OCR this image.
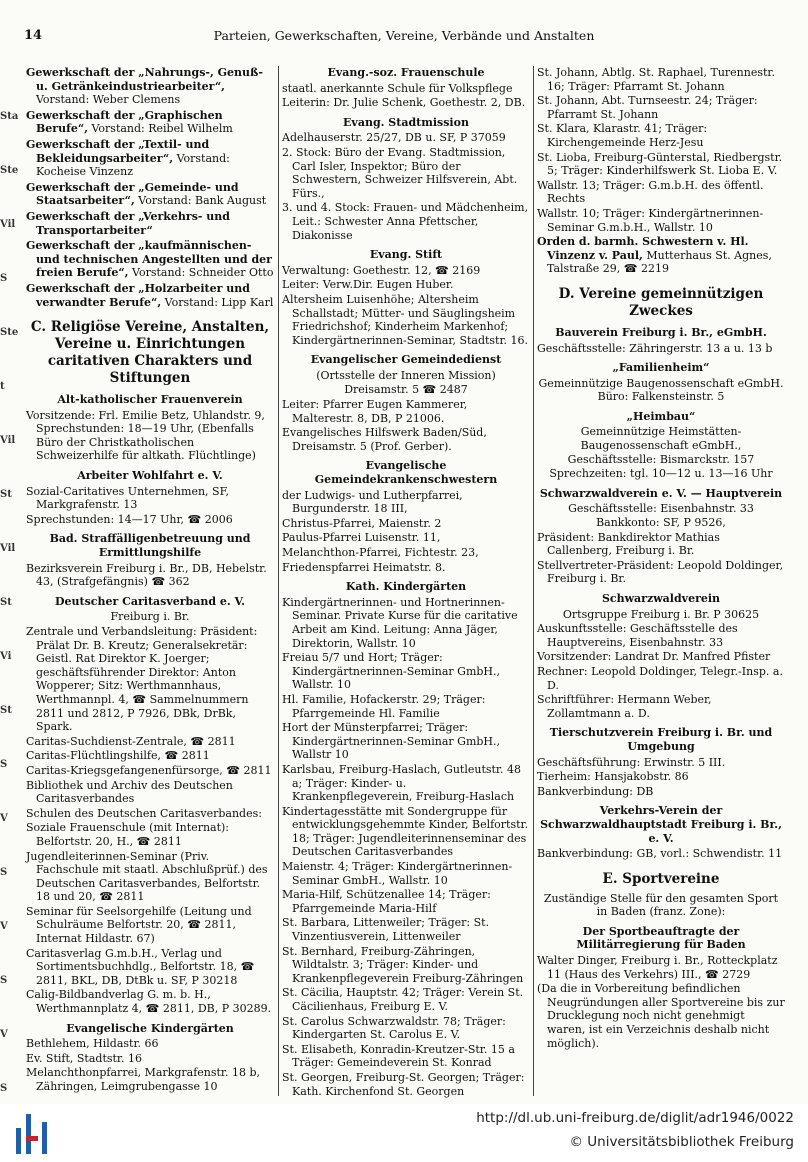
Parteien, Gewerkschaften, Vereine, Verbände und Anstalten
14
Sta
Ste
Vil
S
Ste
t
Vil
St
Vil
St
Vi
St
S
V
S
V
S
V
S
Gewerkschaft der „Nahrungs-, Genuß- u. Getränkeindustriearbeiter“, Vorstand: Weber Clemens
Gewerkschaft der „Graphischen Berufe“, Vorstand: Reibel Wilhelm
Gewerkschaft der „Textil- und Bekleidungsarbeiter“, Vorstand: Kocheise Vinzenz
Gewerkschaft der „Gemeinde- und Staatsarbeiter“, Vorstand: Bank August
Gewerkschaft der „Verkehrs- und Transportarbeiter“
Gewerkschaft der „kaufmännischen- und technischen Angestellten und der freien Berufe“, Vorstand: Schneider Otto
Gewerkschaft der „Holzarbeiter und verwandter Berufe“, Vorstand: Lipp Karl
C. Religiöse Vereine, Anstalten, Vereine u. Einrichtungen caritativen Charakters und Stiftungen
Alt-katholischer Frauenverein
Vorsitzende: Frl. Emilie Betz, Uhlandstr. 9, Sprechstunden: 18—19 Uhr, (Ebenfalls Büro der Christkatholischen Schweizerhilfe für altkath. Flüchtlinge)
Arbeiter Wohlfahrt e. V.
Sozial-Caritatives Unternehmen, SF, Markgrafenstr. 13
Sprechstunden: 14—17 Uhr, ☎ 2006
Bad. Straffälligenbetreuung und Ermittlungshilfe
Bezirksverein Freiburg i. Br., DB, Hebelstr. 43, (Strafgefängnis) ☎ 362
Deutscher Caritasverband e. V.
Freiburg i. Br.
Zentrale und Verbandsleitung: Präsident: Prälat Dr. B. Kreutz; Generalsekretär: Geistl. Rat Direktor K. Joerger; geschäftsführender Direktor: Anton Wopperer; Sitz: Werthmannhaus, Werthmannpl. 4, ☎ Sammelnummern 2811 und 2812, P 7926, DBk, DrBk, Spark.
Caritas-Suchdienst-Zentrale, ☎ 2811
Caritas-Flüchtlingshilfe, ☎ 2811
Caritas-Kriegsgefangenenfürsorge, ☎ 2811
Bibliothek und Archiv des Deutschen Caritasverbandes
Schulen des Deutschen Caritasverbandes:
Soziale Frauenschule (mit Internat): Belfortstr. 20, H., ☎ 2811
Jugendleiterinnen-Seminar (Priv. Fachschule mit staatl. Abschlußprüf.) des Deutschen Caritasverbandes, Belfortstr. 18 und 20, ☎ 2811
Seminar für Seelsorgehilfe (Leitung und Schulräume Belfortstr. 20, ☎ 2811, Internat Hildastr. 67)
Caritasverlag G.m.b.H., Verlag und Sortimentsbuchhdlg., Belfortstr. 18, ☎ 2811, BKL, DB, DtBk u. SF, P 30218
Calig-Bildbandverlag G. m. b. H., Werthmannplatz 4, ☎ 2811, DB, P 30289.
Evangelische Kindergärten
Bethlehem, Hildastr. 66
Ev. Stift, Stadtstr. 16
Melanchthonpfarrei, Markgrafenstr. 18 b, Zähringen, Leimgrubengasse 10
Evang.-soz. Frauenschule
staatl. anerkannte Schule für Volkspflege
Leiterin: Dr. Julie Schenk, Goethestr. 2, DB.
Evang. Stadtmission
Adelhauserstr. 25/27, DB u. SF, P 37059
2. Stock: Büro der Evang. Stadtmission, Carl Isler, Inspektor; Büro der Schwestern, Schweizer Hilfsverein, Abt. Fürs.,
3. und 4. Stock: Frauen- und Mädchenheim, Leit.: Schwester Anna Pfettscher, Diakonisse
Evang. Stift
Verwaltung: Goethestr. 12, ☎ 2169
Leiter: Verw.Dir. Eugen Huber.
Altersheim Luisenhöhe; Altersheim Schallstadt; Mütter- und Säuglingsheim Friedrichshof; Kinderheim Markenhof; Kindergärtnerinnen-Seminar, Stadtstr. 16.
Evangelischer Gemeindedienst
(Ortsstelle der Inneren Mission)
Dreisamstr. 5 ☎ 2487
Leiter: Pfarrer Eugen Kammerer, Malterestr. 8, DB, P 21006.
Evangelisches Hilfswerk Baden/Süd, Dreisamstr. 5 (Prof. Gerber).
Evangelische Gemeindekrankenschwestern
der Ludwigs- und Lutherpfarrei, Burgunderstr. 18 III,
Christus-Pfarrei, Maienstr. 2
Paulus-Pfarrei Luisenstr. 11,
Melanchthon-Pfarrei, Fichtestr. 23,
Friedenspfarrei Heimatstr. 8.
Kath. Kindergärten
Kindergärtnerinnen- und Hortnerinnen-Seminar. Private Kurse für die caritative Arbeit am Kind. Leitung: Anna Jäger, Direktorin, Wallstr. 10
Freiau 5/7 und Hort; Träger: Kindergärtnerinnen-Seminar GmbH., Wallstr. 10
Hl. Familie, Hofackerstr. 29; Träger: Pfarrgemeinde Hl. Familie
Hort der Münsterpfarrei; Träger: Kindergärtnerinnen-Seminar GmbH., Wallstr 10
Karlsbau, Freiburg-Haslach, Gutleutstr. 48 a; Träger: Kinder- u. Krankenpflegeverein, Freiburg-Haslach
Kindertagesstätte mit Sondergruppe für entwicklungsgehemmte Kinder, Belfortstr. 18; Träger: Jugendleiterinnenseminar des Deutschen Caritasverbandes
Maienstr. 4; Träger: Kindergärtnerinnen-Seminar GmbH., Wallstr. 10
Maria-Hilf, Schützenallee 14; Träger: Pfarrgemeinde Maria-Hilf
St. Barbara, Littenweiler; Träger: St. Vinzentiusverein, Littenweiler
St. Bernhard, Freiburg-Zähringen, Wildtalstr. 3; Träger: Kinder- und Krankenpflegeverein Freiburg-Zähringen
St. Cäcilia, Hauptstr. 42; Träger: Verein St. Cäcilienhaus, Freiburg E. V.
St. Carolus Schwarzwaldstr. 78; Träger: Kindergarten St. Carolus E. V.
St. Elisabeth, Konradin-Kreutzer-Str. 15 a Träger: Gemeindeverein St. Konrad
St. Georgen, Freiburg-St. Georgen; Träger: Kath. Kirchenfond St. Georgen
St. Johann, Abtlg. St. Raphael, Turennestr. 16; Träger: Pfarramt St. Johann
St. Johann, Abt. Turnseestr. 24; Träger: Pfarramt St. Johann
St. Klara, Klarastr. 41; Träger: Kirchengemeinde Herz-Jesu
St. Lioba, Freiburg-Günterstal, Riedbergstr. 5; Träger: Kinderhilfswerk St. Lioba E. V.
Wallstr. 13; Träger: G.m.b.H. des öffentl. Rechts
Wallstr. 10; Träger: Kindergärtnerinnen-Seminar G.m.b.H., Wallstr. 10
Orden d. barmh. Schwestern v. Hl. Vinzenz v. Paul, Mutterhaus St. Agnes, Talstraße 29, ☎ 2219
D. Vereine gemeinnützigen Zweckes
Bauverein Freiburg i. Br., eGmbH.
Geschäftsstelle: Zähringerstr. 13 a u. 13 b
„Familienheim“
Gemeinnützige Baugenossenschaft eGmbH. Büro: Falkensteinstr. 5
„Heimbau“
Gemeinnützige Heimstätten-Baugenossenschaft eGmbH., Geschäftsstelle: Bismarckstr. 157
Sprechzeiten: tgl. 10—12 u. 13—16 Uhr
Schwarzwaldverein e. V. — Hauptverein
Geschäftsstelle: Eisenbahnstr. 33 Bankkonto: SF, P 9526,
Präsident: Bankdirektor Mathias Callenberg, Freiburg i. Br.
Stellvertreter-Präsident: Leopold Doldinger, Freiburg i. Br.
Schwarzwaldverein
Ortsgruppe Freiburg i. Br. P 30625
Auskunftsstelle: Geschäftsstelle des Hauptvereins, Eisenbahnstr. 33
Vorsitzender: Landrat Dr. Manfred Pfister
Rechner: Leopold Doldinger, Telegr.-Insp. a. D.
Schriftführer: Hermann Weber, Zollamtmann a. D.
Tierschutzverein Freiburg i. Br. und Umgebung
Geschäftsführung: Erwinstr. 5 III.
Tierheim: Hansjakobstr. 86
Bankverbindung: DB
Verkehrs-Verein der Schwarzwaldhauptstadt Freiburg i. Br., e. V.
Bankverbindung: GB, vorl.: Schwendistr. 11
E. Sportvereine
Zuständige Stelle für den gesamten Sport in Baden (franz. Zone):
Der Sportbeauftragte der Militärregierung für Baden
Walter Dinger, Freiburg i. Br., Rotteckplatz 11 (Haus des Verkehrs) III., ☎ 2729
(Da die in Vorbereitung befindlichen Neugründungen aller Sportvereine bis zur Drucklegung noch nicht genehmigt waren, ist ein Verzeichnis deshalb nicht möglich).
http://dl.ub.uni-freiburg.de/diglit/adr1946/0022
© Universitätsbibliothek Freiburg
